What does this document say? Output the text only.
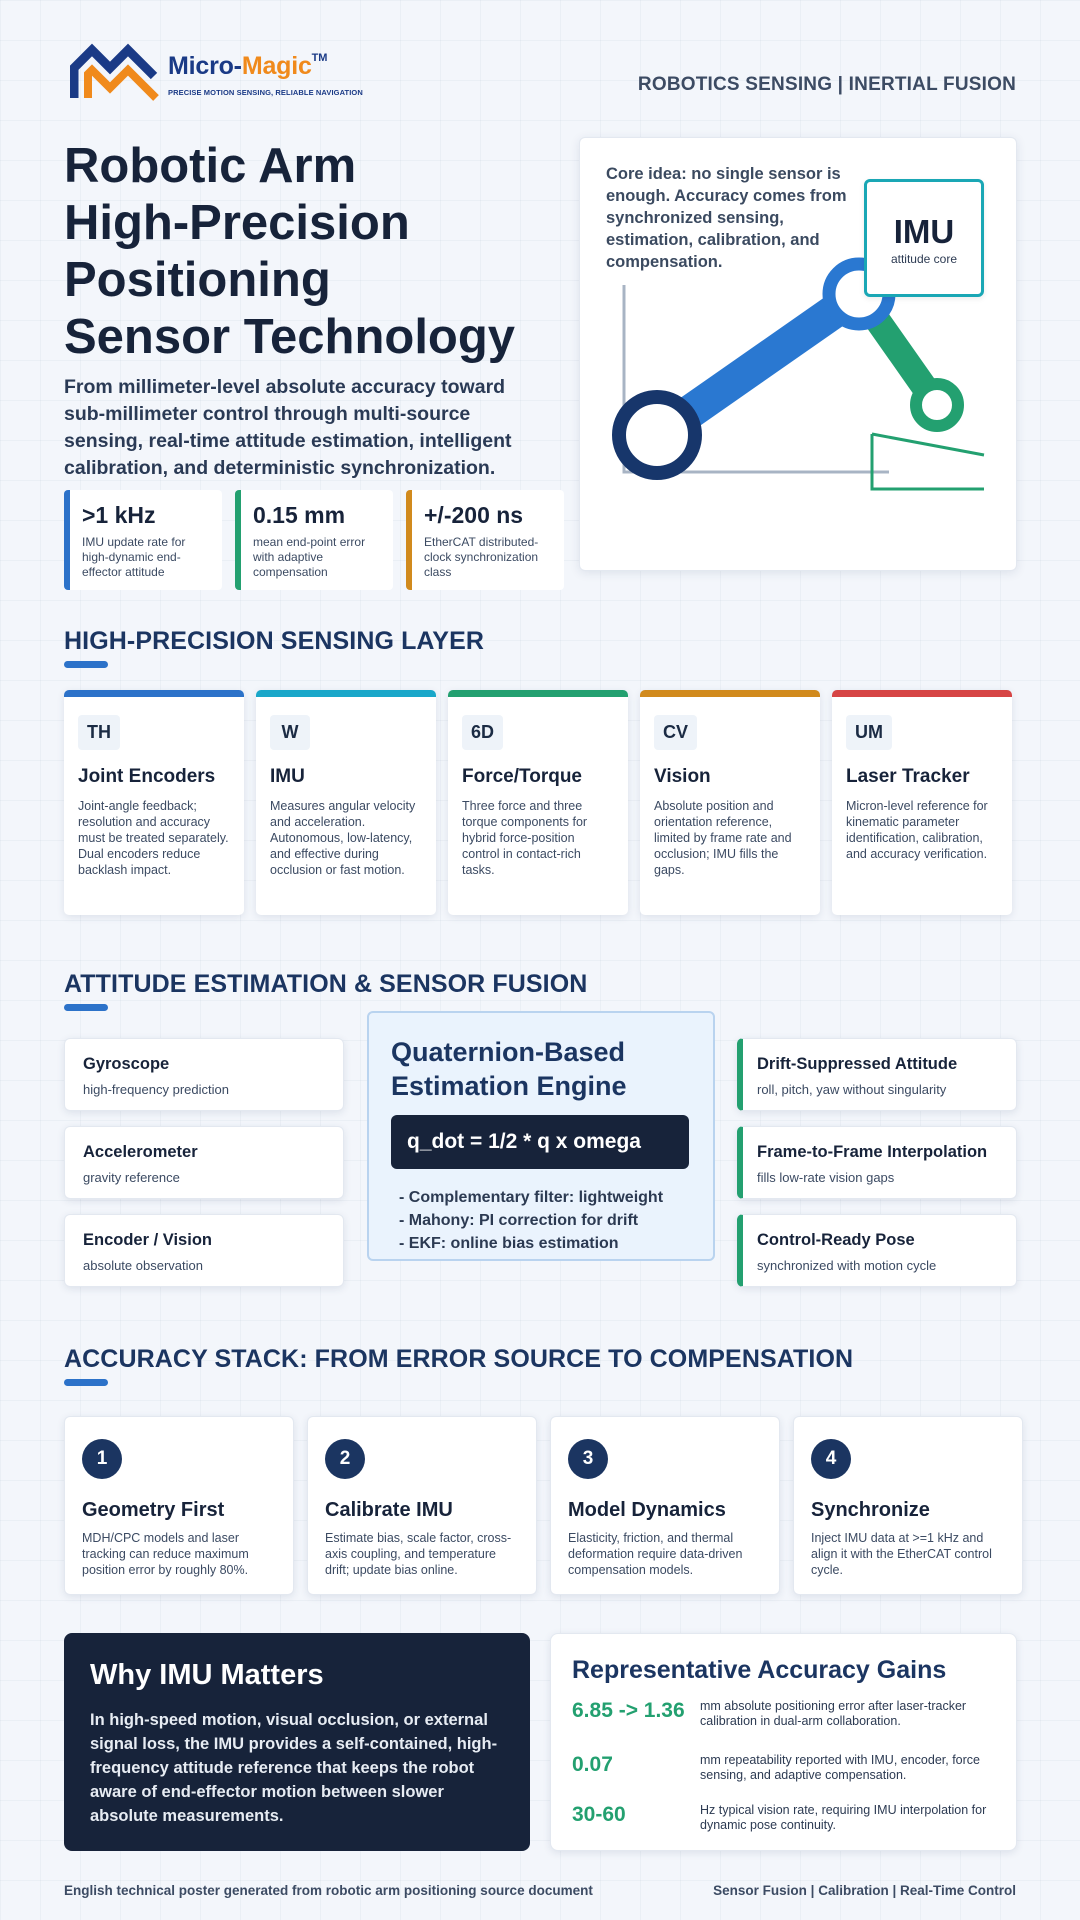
Micro-Magic™
PRECISE MOTION SENSING, RELIABLE NAVIGATION	ROBOTICS SENSING | INERTIAL FUSION
Robotic Arm
High-Precision
Positioning
Sensor Technology
From millimeter-level absolute accuracy toward sub-millimeter control through multi-source sensing, real-time attitude estimation, intelligent calibration, and deterministic synchronization.
>1 kHz
IMU update rate for high-dynamic end-effector attitude
0.15 mm
mean end-point error with adaptive compensation
+/-200 ns
EtherCAT distributed-clock synchronization class
Core idea: no single sensor is enough. Accuracy comes from synchronized sensing, estimation, calibration, and compensation.
IMU
attitude core
HIGH-PRECISION SENSING LAYER
TH
Joint Encoders
Joint-angle feedback; resolution and accuracy must be treated separately. Dual encoders reduce backlash impact.
W
IMU
Measures angular velocity and acceleration. Autonomous, low-latency, and effective during occlusion or fast motion.
6D
Force/Torque
Three force and three torque components for hybrid force-position control in contact-rich tasks.
CV
Vision
Absolute position and orientation reference, limited by frame rate and occlusion; IMU fills the gaps.
UM
Laser Tracker
Micron-level reference for kinematic parameter identification, calibration, and accuracy verification.
ATTITUDE ESTIMATION & SENSOR FUSION
Gyroscope
high-frequency prediction
Accelerometer
gravity reference
Encoder / Vision
absolute observation
Quaternion-Based Estimation Engine
q_dot = 1/2 * q x omega
- Complementary filter: lightweight
- Mahony: PI correction for drift
- EKF: online bias estimation
Drift-Suppressed Attitude
roll, pitch, yaw without singularity
Frame-to-Frame Interpolation
fills low-rate vision gaps
Control-Ready Pose
synchronized with motion cycle
ACCURACY STACK: FROM ERROR SOURCE TO COMPENSATION
1
Geometry First
MDH/CPC models and laser tracking can reduce maximum position error by roughly 80%.
2
Calibrate IMU
Estimate bias, scale factor, cross-axis coupling, and temperature drift; update bias online.
3
Model Dynamics
Elasticity, friction, and thermal deformation require data-driven compensation models.
4
Synchronize
Inject IMU data at >=1 kHz and align it with the EtherCAT control cycle.
Why IMU Matters
In high-speed motion, visual occlusion, or external signal loss, the IMU provides a self-contained, high-frequency attitude reference that keeps the robot aware of end-effector motion between slower absolute measurements.
Representative Accuracy Gains
6.85 -> 1.36 mm absolute positioning error after laser-tracker calibration in dual-arm collaboration.
0.07	mm repeatability reported with IMU, encoder, force sensing, and adaptive compensation.
30-60	Hz typical vision rate, requiring IMU interpolation for dynamic pose continuity.
English technical poster generated from robotic arm positioning source document	Sensor Fusion | Calibration | Real-Time Control
